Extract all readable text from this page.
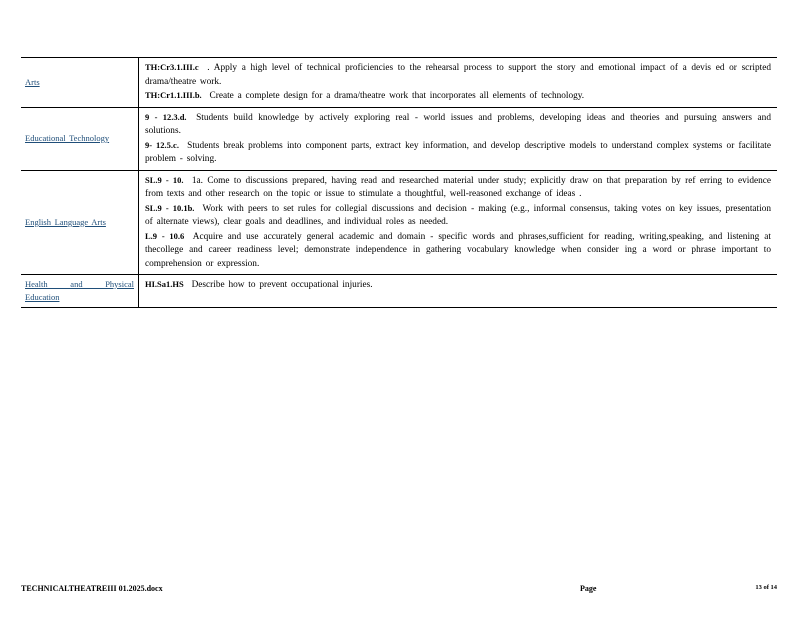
Arts	TH:Cr3.1.III.c . Apply a high level of technical proficiencies to the rehearsal process to support the story and emotional impact of a devis ed or scripted drama/theatre work.
TH:Cr1.1.III.b. Create a complete design for a drama/theatre work that incorporates all elements of technology.

Educational Technology	9 - 12.3.d. Students build knowledge by actively exploring real - world issues and problems, developing ideas and theories and pursuing answers and solutions.
9- 12.5.c. Students break problems into component parts, extract key information, and develop descriptive models to understand complex systems or facilitate problem - solving.

English Language Arts	SL.9 - 10. 1a. Come to discussions prepared, having read and researched material under study; explicitly draw on that preparation by ref erring to evidence from texts and other research on the topic or issue to stimulate a thoughtful, well-reasoned exchange of ideas .
SL.9 - 10.1b. Work with peers to set rules for collegial discussions and decision - making (e.g., informal consensus, taking votes on key issues, presentation of alternate views), clear goals and deadlines, and individual roles as needed.
L.9 - 10.6 Acquire and use accurately general academic and domain - specific words and phrases,sufficient for reading, writing,speaking, and listening at thecollege and career readiness level; demonstrate independence in gathering vocabulary knowledge when consider ing a word or phrase important to comprehension or expression.

Health and Physical Education	HI.Sa1.HS Describe how to prevent occupational injuries.
TECHNICALTHEATREIII 01.2025.docx	Page	13 of 14
